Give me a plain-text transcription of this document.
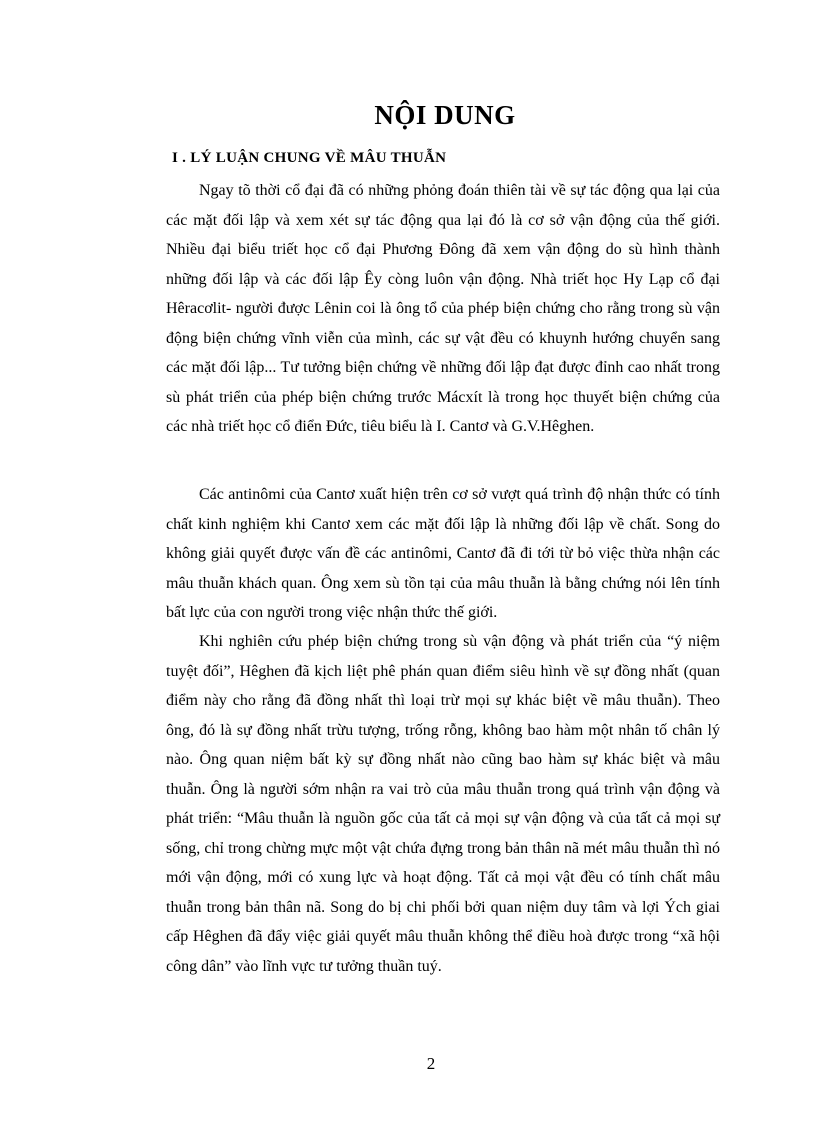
NỘI DUNG
I . LÝ LUẬN CHUNG VỀ MÂU THUẪN

Ngay tõ thời cổ đại đã có những phỏng đoán thiên tài về sự tác động qua lại của các mặt đối lập và xem xét sự tác động qua lại đó là cơ sở vận động của thế giới. Nhiều đại biểu triết học cổ đại Phương Đông đã xem vận động do sù hình thành những đối lập và các đối lập Êy còng luôn vận động. Nhà triết học Hy Lạp cổ đại Hêracơlit- người được Lênin coi là ông tổ của phép biện chứng cho rằng trong sù vận động biện chứng vĩnh viễn của mình, các sự vật đều có khuynh hướng chuyển sang các mặt đối lập... Tư tưởng biện chứng về những đối lập đạt được đỉnh cao nhất trong sù phát triển của phép biện chứng trước Mácxít là trong học thuyết biện chứng của các nhà triết học cổ điển Đức, tiêu biểu là I. Cantơ và G.V.Hêghen.

Các antinômi của Cantơ xuất hiện trên cơ sở vượt quá trình độ nhận thức có tính chất kinh nghiệm khi Cantơ xem các mặt đối lập là những đối lập về chất. Song do không giải quyết được vấn đề các antinômi, Cantơ đã đi tới từ bỏ việc thừa nhận các mâu thuẫn khách quan. Ông xem sù tồn tại của mâu thuẫn là bằng chứng nói lên tính bất lực của con người trong việc nhận thức thế giới.

Khi nghiên cứu phép biện chứng trong sù vận động và phát triển của “ý niệm tuyệt đối”, Hêghen đã kịch liệt phê phán quan điểm siêu hình về sự đồng nhất (quan điểm này cho rằng đã đồng nhất thì loại trừ mọi sự khác biệt về mâu thuẫn). Theo ông, đó là sự đồng nhất trừu tượng, trống rỗng, không bao hàm một nhân tố chân lý nào. Ông quan niệm bất kỳ sự đồng nhất nào cũng bao hàm sự khác biệt và mâu thuẫn. Ông là người sớm nhận ra vai trò của mâu thuẫn trong quá trình vận động và phát triển: “Mâu thuẫn là nguồn gốc của tất cả mọi sự vận động và của tất cả mọi sự sống, chỉ trong chừng mực một vật chứa đựng trong bản thân nã mét mâu thuẫn thì nó mới vận động, mới có xung lực và hoạt động. Tất cả mọi vật đều có tính chất mâu thuẫn trong bản thân nã. Song do bị chi phối bởi quan niệm duy tâm và lợi Ých giai cấp Hêghen đã đẩy việc giải quyết mâu thuẫn không thể điều hoà được trong “xã hội công dân” vào lĩnh vực tư tưởng thuần tuý.

2
